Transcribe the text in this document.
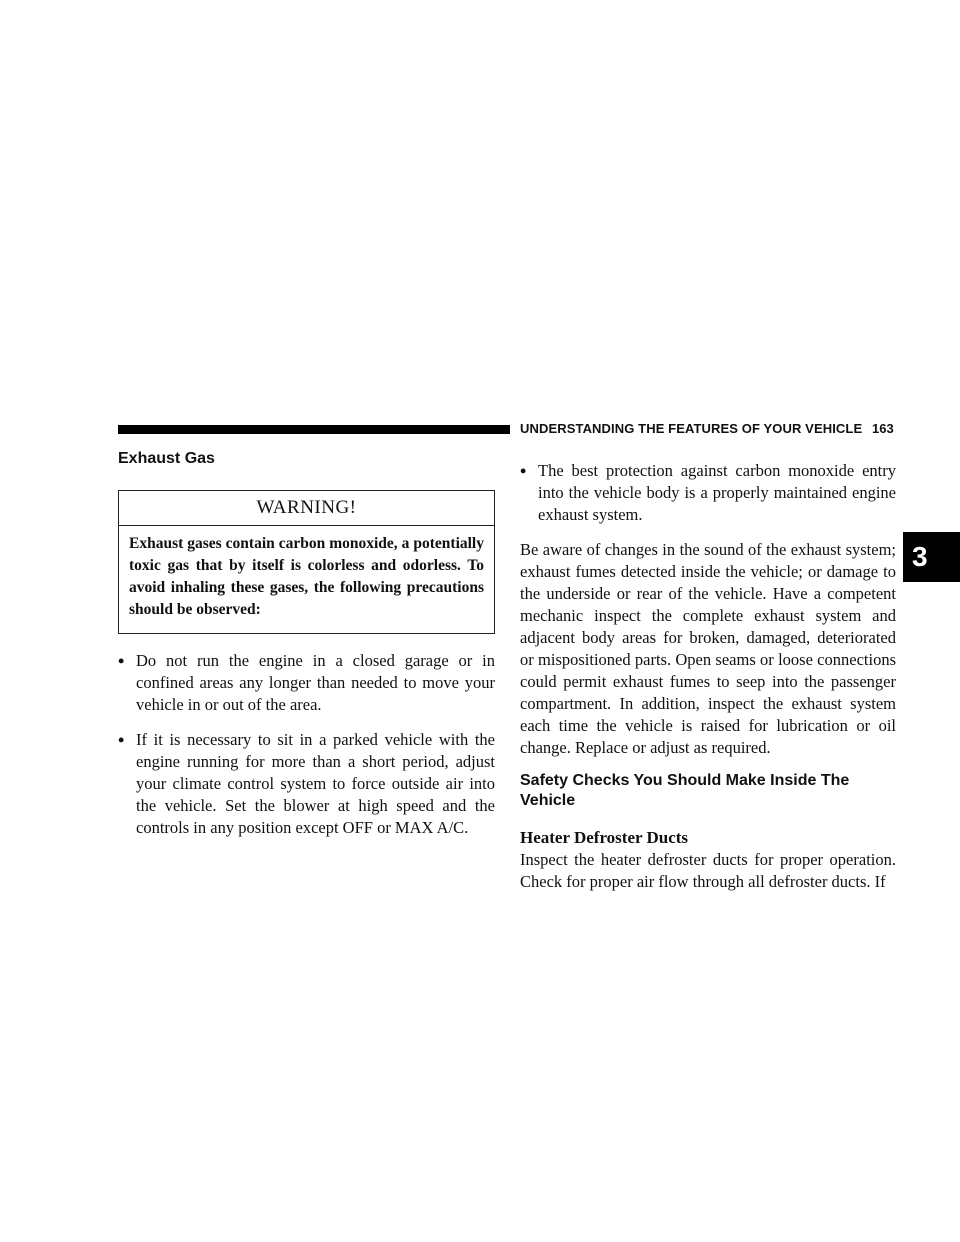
UNDERSTANDING THE FEATURES OF YOUR VEHICLE 163
3
Exhaust Gas
WARNING!
Exhaust gases contain carbon monoxide, a potentially toxic gas that by itself is colorless and odorless. To avoid inhaling these gases, the following precautions should be observed:
• Do not run the engine in a closed garage or in confined areas any longer than needed to move your vehicle in or out of the area.
• If it is necessary to sit in a parked vehicle with the engine running for more than a short period, adjust your climate control system to force outside air into the vehicle. Set the blower at high speed and the controls in any position except OFF or MAX A/C.
• The best protection against carbon monoxide entry into the vehicle body is a properly maintained engine exhaust system.

Be aware of changes in the sound of the exhaust system; exhaust fumes detected inside the vehicle; or damage to the underside or rear of the vehicle. Have a competent mechanic inspect the complete exhaust system and adjacent body areas for broken, damaged, deteriorated or mispositioned parts. Open seams or loose connections could permit exhaust fumes to seep into the passenger compartment. In addition, inspect the exhaust system each time the vehicle is raised for lubrication or oil change. Replace or adjust as required.

Safety Checks You Should Make Inside The Vehicle
Heater Defroster Ducts

Inspect the heater defroster ducts for proper operation. Check for proper air flow through all defroster ducts. If
